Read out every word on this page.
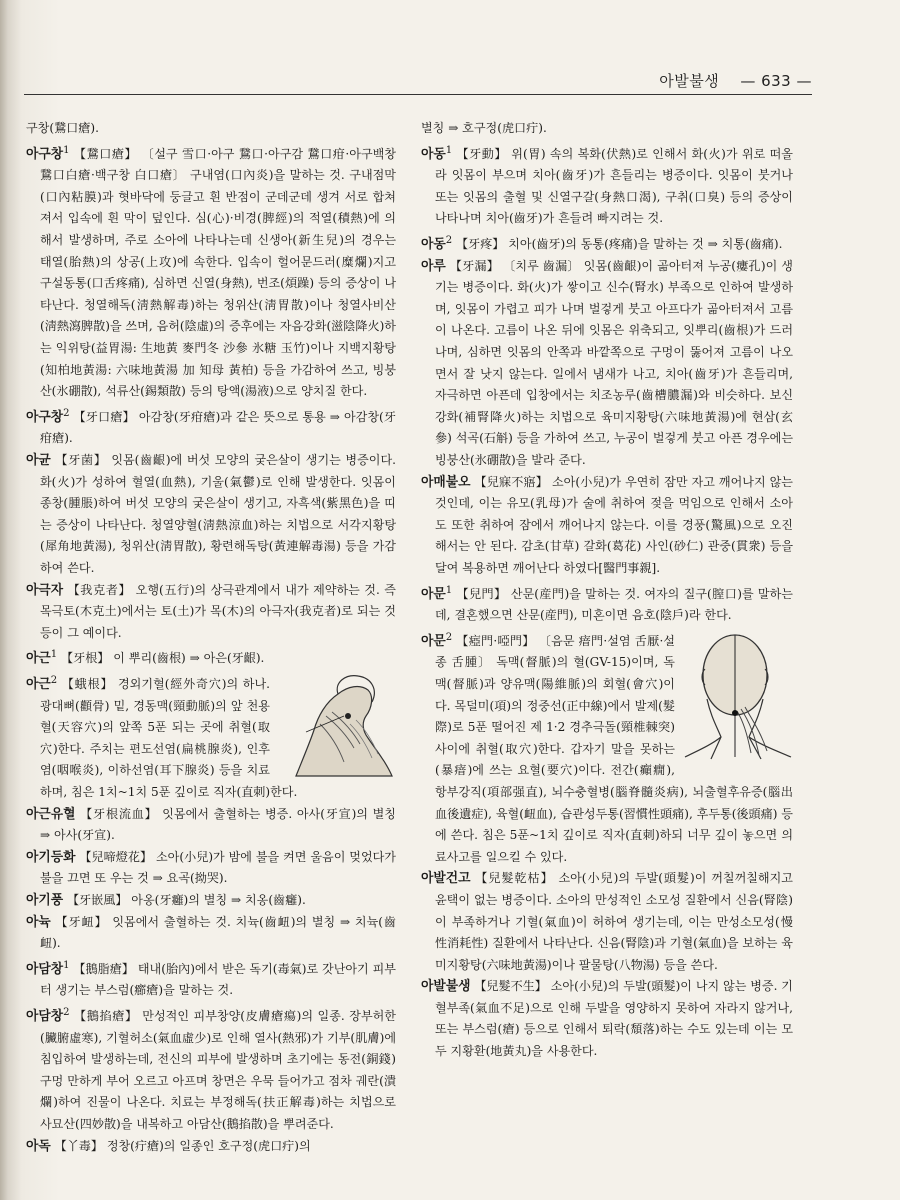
아발불생 — 633 —

구창(鵞口瘡).

아구창$^1$ 【鵞口瘡】 〔설구 雪口·아구 鵞口·아구감 鵞口疳·아구백창 鵞口白瘡·백구창 白口瘡〕 구내염(口內炎)을 말하는 것. 구내점막(口內粘膜)과 혓바닥에 둥글고 흰 반점이 군데군데 생겨 서로 합쳐져서 입속에 흰 막이 덮인다. 심(心)·비경(脾經)의 적열(積熱)에 의해서 발생하며, 주로 소아에 나타나는데 신생아(新生兒)의 경우는 태열(胎熱)의 상공(上攻)에 속한다. 입속이 헐어문드러(糜爛)지고 구설동통(口舌疼痛), 심하면 신열(身熱), 번조(煩躁) 등의 증상이 나타난다. 청열해독(淸熱解毒)하는 청위산(淸胃散)이나 청열사비산(淸熱瀉脾散)을 쓰며, 음허(陰虛)의 증후에는 자음강화(滋陰降火)하는 익위탕(益胃湯: 生地黃 麥門冬 沙參 氷糖 玉竹)이나 지백지황탕(知柏地黃湯: 六味地黃湯 加 知母 黃柏) 등을 가감하여 쓰고, 빙붕산(氷硼散), 석류산(錫類散) 등의 탕액(湯液)으로 양치질 한다.

아구창$^2$ 【牙口瘡】 아감창(牙疳瘡)과 같은 뜻으로 통용 ⇒ 아감창(牙疳瘡).

아균 【牙菌】 잇몸(齒齦)에 버섯 모양의 궂은살이 생기는 병증이다. 화(火)가 성하여 혈열(血熱), 기울(氣鬱)로 인해 발생한다. 잇몸이 종창(腫脹)하여 버섯 모양의 궂은살이 생기고, 자흑색(紫黑色)을 띠는 증상이 나타난다. 청열양혈(淸熱涼血)하는 치법으로 서각지황탕(犀角地黃湯), 청위산(淸胃散), 황련해독탕(黃連解毒湯) 등을 가감하여 쓴다.

아극자 【我克者】 오행(五行)의 상극관계에서 내가 제약하는 것. 즉 목극토(木克土)에서는 토(土)가 목(木)의 아극자(我克者)로 되는 것 등이 그 예이다.

아근$^1$ 【牙根】 이 뿌리(齒根) ⇒ 아은(牙齦).

아근$^2$ 【蛾根】 경외기혈(經外奇穴)의 하나. 광대뼈(顴骨) 밑, 경동맥(頸動脈)의 앞 천용혈(天容穴)의 앞쪽 5푼 되는 곳에 취혈(取穴)한다. 주치는 편도선염(扁桃腺炎), 인후염(咽喉炎), 이하선염(耳下腺炎) 등을 치료하며, 침은 1치~1치 5푼 깊이로 직자(直刺)한다.

아근유혈 【牙根流血】 잇몸에서 출혈하는 병증. 아사(牙宣)의 별칭 ⇒ 아사(牙宣).

아기등화 【兒啼燈花】 소아(小兒)가 밤에 불을 켜면 울음이 멎었다가 불을 끄면 또 우는 것 ⇒ 요곡(拗哭).

아기풍 【牙嵌風】 아옹(牙癰)의 별칭 ⇒ 치옹(齒癰).

아뉵 【牙衄】 잇몸에서 출혈하는 것. 치뉵(齒衄)의 별칭 ⇒ 치뉵(齒衄).

아담창$^1$ 【鵝脂瘡】 태내(胎內)에서 받은 독기(毒氣)로 갓난아기 피부터 생기는 부스럼(癤瘡)을 말하는 것.

아담창$^2$ 【鵝掐瘡】 만성적인 피부창양(皮膚瘡瘍)의 일종. 장부허한(臟腑虛寒), 기혈허소(氣血虛少)로 인해 열사(熱邪)가 기부(肌膚)에 침입하여 발생하는데, 전신의 피부에 발생하며 초기에는 동전(銅錢) 구멍 만하게 부어 오르고 아프며 창면은 우묵 들어가고 점차 궤란(潰爛)하여 진물이 나온다. 치료는 부정해독(扶正解毒)하는 치법으로 사묘산(四妙散)을 내복하고 아담산(鵝掐散)을 뿌려준다.

아독 【丫毒】 정창(疔瘡)의 일종인 호구정(虎口疔)의

별칭 ⇒ 호구정(虎口疔).

아동$^1$ 【牙動】 위(胃) 속의 복화(伏熱)로 인해서 화(火)가 위로 떠올라 잇몸이 부으며 치아(齒牙)가 흔들리는 병증이다. 잇몸이 붓거나 또는 잇몸의 출혈 및 신열구갈(身熱口渴), 구취(口臭) 등의 증상이 나타나며 치아(齒牙)가 흔들려 빠지려는 것.

아동$^2$ 【牙疼】 치아(齒牙)의 동통(疼痛)을 말하는 것 ⇒ 치통(齒痛).

아루 【牙漏】 〔치루 齒漏〕 잇몸(齒齦)이 곪아터져 누공(瘻孔)이 생기는 병증이다. 화(火)가 쌓이고 신수(腎水) 부족으로 인하여 발생하며, 잇몸이 가렵고 피가 나며 벌겋게 붓고 아프다가 곪아터져서 고름이 나온다. 고름이 나온 뒤에 잇몸은 위축되고, 잇뿌리(齒根)가 드러나며, 심하면 잇몸의 안쪽과 바깥쪽으로 구멍이 뚫어져 고름이 나오면서 잘 낫지 않는다. 일에서 냄새가 나고, 치아(齒牙)가 흔들리며, 자극하면 아픈데 입창에서는 치조농루(齒槽膿漏)와 비슷하다. 보신강화(補腎降火)하는 치법으로 육미지황탕(六味地黃湯)에 현삼(玄參) 석곡(石斛) 등을 가하여 쓰고, 누공이 벌겋게 붓고 아픈 경우에는 빙붕산(氷硼散)을 발라 준다.

아매불오 【兒寐不寤】 소아(小兒)가 우연히 잠만 자고 깨어나지 않는 것인데, 이는 유모(乳母)가 술에 취하여 젖을 먹임으로 인해서 소아도 또한 취하여 잠에서 깨어나지 않는다. 이를 경풍(驚風)으로 오진해서는 안 된다. 감초(甘草) 갈화(葛花) 사인(砂仁) 관중(貫衆) 등을 달여 복용하면 깨어난다 하였다[醫門事親].

아문$^1$ 【兒門】 산문(産門)을 말하는 것. 여자의 질구(膣口)를 말하는데, 결혼했으면 산문(産門), 미혼이면 음호(陰戶)라 한다.

아문$^2$ 【瘂門·啞門】 〔음문 瘖門·설염 舌厭·설종 舌腫〕 독맥(督脈)의 혈(GV-15)이며, 독맥(督脈)과 양유맥(陽維脈)의 회혈(會穴)이다. 목덜미(項)의 정중선(正中線)에서 발제(髮際)로 5푼 떨어진 제 1·2 경추극돌(頸椎棘突) 사이에 취혈(取穴)한다. 갑자기 말을 못하는 (暴瘖)에 쓰는 요혈(要穴)이다. 전간(癲癇), 항부강직(項部强直), 뇌수충혈병(腦脊髓炎病), 뇌출혈후유증(腦出血後遺症), 육혈(衄血), 습관성두통(習慣性頭痛), 후두통(後頭痛) 등에 쓴다. 침은 5푼~1치 깊이로 직자(直刺)하되 너무 깊이 놓으면 의료사고를 일으킬 수 있다.

아발건고 【兒髮乾枯】 소아(小兒)의 두발(頭髮)이 꺼칠꺼칠해지고 윤택이 없는 병증이다. 소아의 만성적인 소모성 질환에서 신음(腎陰)이 부족하거나 기혈(氣血)이 허하여 생기는데, 이는 만성소모성(慢性消耗性) 질환에서 나타난다. 신음(腎陰)과 기혈(氣血)을 보하는 육미지황탕(六味地黃湯)이나 팔물탕(八物湯) 등을 쓴다.

아발불생 【兒髮不生】 소아(小兒)의 두발(頭髮)이 나지 않는 병증. 기혈부족(氣血不足)으로 인해 두발을 영양하지 못하여 자라지 않거나, 또는 부스럼(瘡) 등으로 인해서 퇴락(頹落)하는 수도 있는데 이는 모두 지황환(地黃丸)을 사용한다.
